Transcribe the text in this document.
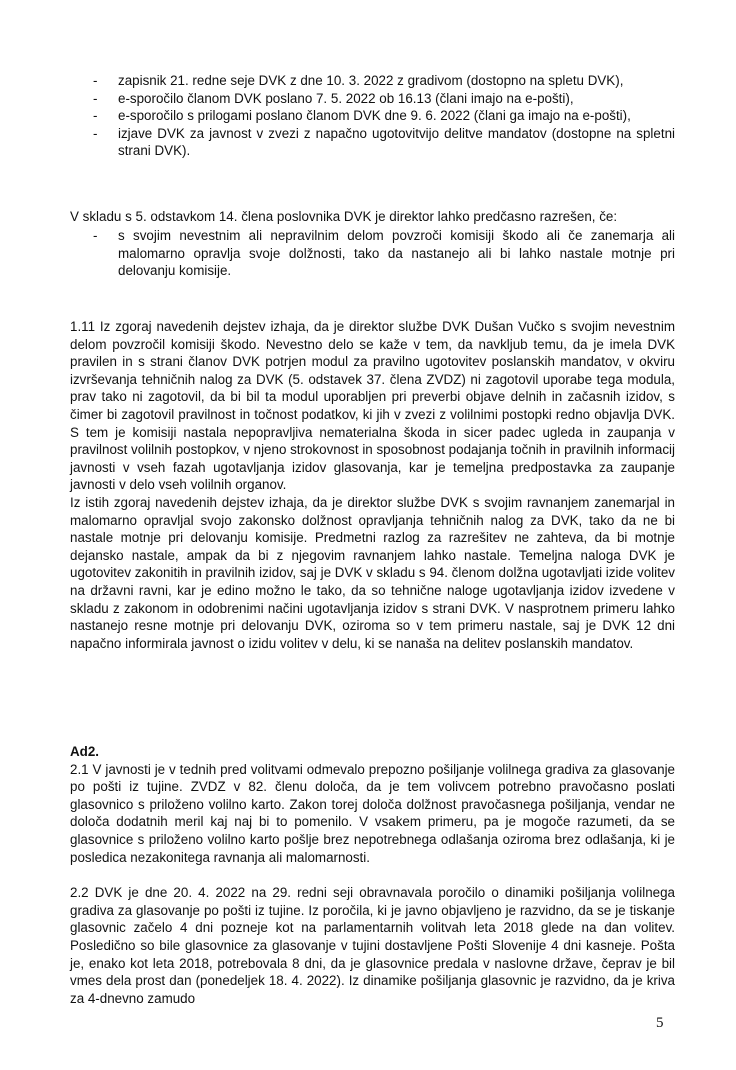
-	zapisnik 21. redne seje DVK z dne 10. 3. 2022 z gradivom (dostopno na spletu DVK),
-	e-sporočilo članom DVK poslano 7. 5. 2022 ob 16.13 (člani imajo na e-pošti),
-	e-sporočilo s prilogami poslano članom DVK dne 9. 6. 2022 (člani ga imajo na e-pošti),
-	izjave DVK za javnost v zvezi z napačno ugotovitvijo delitve mandatov (dostopne na spletni strani DVK).

V skladu s 5. odstavkom 14. člena poslovnika DVK je direktor lahko predčasno razrešen, če:

-	s svojim nevestnim ali nepravilnim delom povzroči komisiji škodo ali če zanemarja ali malomarno opravlja svoje dolžnosti, tako da nastanejo ali bi lahko nastale motnje pri delovanju komisije.

1.11 Iz zgoraj navedenih dejstev izhaja, da je direktor službe DVK Dušan Vučko s svojim nevestnim delom povzročil komisiji škodo. Nevestno delo se kaže v tem, da navkljub temu, da je imela DVK pravilen in s strani članov DVK potrjen modul za pravilno ugotovitev poslanskih mandatov, v okviru izvrševanja tehničnih nalog za DVK (5. odstavek 37. člena ZVDZ) ni zagotovil uporabe tega modula, prav tako ni zagotovil, da bi bil ta modul uporabljen pri preverbi objave delnih in začasnih izidov, s čimer bi zagotovil pravilnost in točnost podatkov, ki jih v zvezi z volilnimi postopki redno objavlja DVK. S tem je komisiji nastala nepopravljiva nematerialna škoda in sicer padec ugleda in zaupanja v pravilnost volilnih postopkov, v njeno strokovnost in sposobnost podajanja točnih in pravilnih informacij javnosti v vseh fazah ugotavljanja izidov glasovanja, kar je temeljna predpostavka za zaupanje javnosti v delo vseh volilnih organov.

Iz istih zgoraj navedenih dejstev izhaja, da je direktor službe DVK s svojim ravnanjem zanemarjal in malomarno opravljal svojo zakonsko dolžnost opravljanja tehničnih nalog za DVK, tako da ne bi nastale motnje pri delovanju komisije. Predmetni razlog za razrešitev ne zahteva, da bi motnje dejansko nastale, ampak da bi z njegovim ravnanjem lahko nastale. Temeljna naloga DVK je ugotovitev zakonitih in pravilnih izidov, saj je DVK v skladu s 94. členom dolžna ugotavljati izide volitev na državni ravni, kar je edino možno le tako, da so tehnične naloge ugotavljanja izidov izvedene v skladu z zakonom in odobrenimi načini ugotavljanja izidov s strani DVK. V nasprotnem primeru lahko nastanejo resne motnje pri delovanju DVK, oziroma so v tem primeru nastale, saj je DVK 12 dni napačno informirala javnost o izidu volitev v delu, ki se nanaša na delitev poslanskih mandatov.

Ad2.

2.1 V javnosti je v tednih pred volitvami odmevalo prepozno pošiljanje volilnega gradiva za glasovanje po pošti iz tujine. ZVDZ v 82. členu določa, da je tem volivcem potrebno pravočasno poslati glasovnico s priloženo volilno karto. Zakon torej določa dolžnost pravočasnega pošiljanja, vendar ne določa dodatnih meril kaj naj bi to pomenilo. V vsakem primeru, pa je mogoče razumeti, da se glasovnice s priloženo volilno karto pošlje brez nepotrebnega odlašanja oziroma brez odlašanja, ki je posledica nezakonitega ravnanja ali malomarnosti.

2.2 DVK je dne 20. 4. 2022 na 29. redni seji obravnavala poročilo o dinamiki pošiljanja volilnega gradiva za glasovanje po pošti iz tujine. Iz poročila, ki je javno objavljeno je razvidno, da se je tiskanje glasovnic začelo 4 dni pozneje kot na parlamentarnih volitvah leta 2018 glede na dan volitev. Posledično so bile glasovnice za glasovanje v tujini dostavljene Pošti Slovenije 4 dni kasneje. Pošta je, enako kot leta 2018, potrebovala 8 dni, da je glasovnice predala v naslovne države, čeprav je bil vmes dela prost dan (ponedeljek 18. 4. 2022). Iz dinamike pošiljanja glasovnic je razvidno, da je kriva za 4-dnevno zamudo

5
